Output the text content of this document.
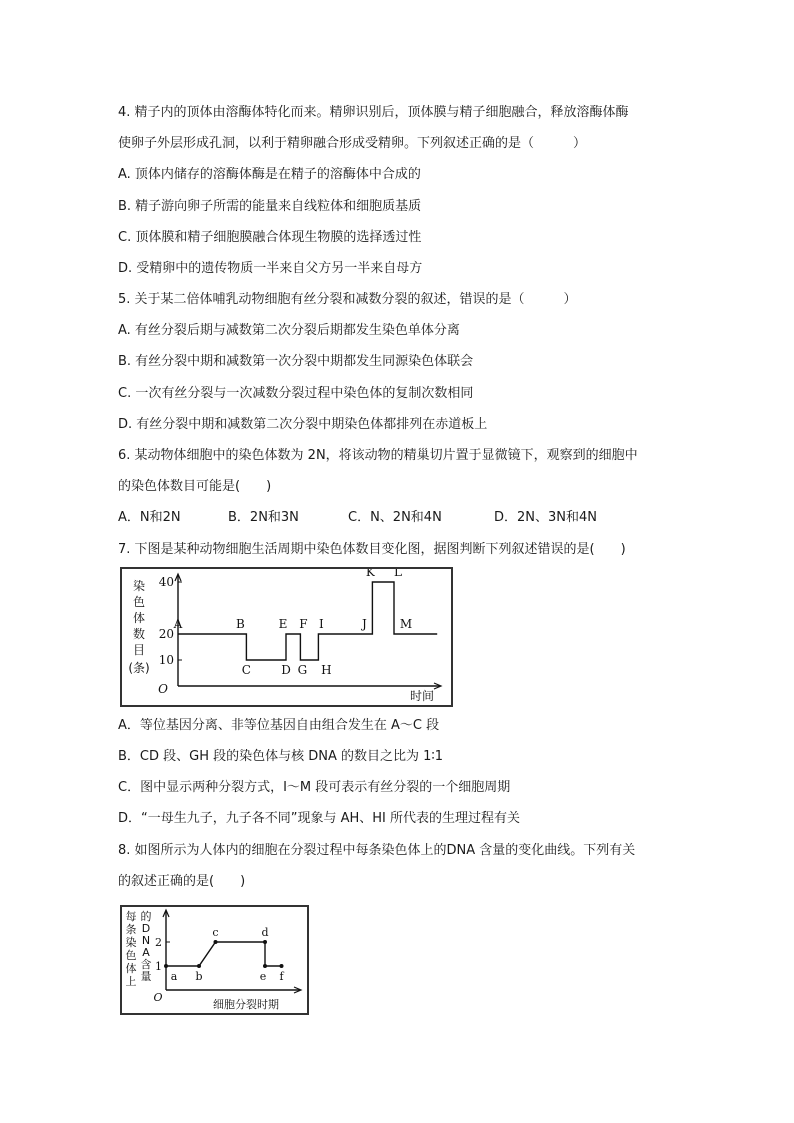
4. 精子内的顶体由溶酶体特化而来。精卵识别后，顶体膜与精子细胞融合，释放溶酶体酶
使卵子外层形成孔洞，以利于精卵融合形成受精卵。下列叙述正确的是（　　　）
A. 顶体内储存的溶酶体酶是在精子的溶酶体中合成的
B. 精子游向卵子所需的能量来自线粒体和细胞质基质
C. 顶体膜和精子细胞膜融合体现生物膜的选择透过性
D. 受精卵中的遗传物质一半来自父方另一半来自母方
5. 关于某二倍体哺乳动物细胞有丝分裂和减数分裂的叙述，错误的是（　　　）
A. 有丝分裂后期与减数第二次分裂后期都发生染色单体分离
B. 有丝分裂中期和减数第一次分裂中期都发生同源染色体联会
C. 一次有丝分裂与一次减数分裂过程中染色体的复制次数相同
D. 有丝分裂中期和减数第二次分裂中期染色体都排列在赤道板上
6. 某动物体细胞中的染色体数为 2N，将该动物的精巢切片置于显微镜下，观察到的细胞中
的染色体数目可能是(　　)
A．N和2N	B．2N和3N	C．N、2N和4N	D．2N、3N和4N
7. 下图是某种动物细胞生活周期中染色体数目变化图，据图判断下列叙述错误的是(　　)
10
20
40
染
色
体
数
目
(条)
时间
O
A	B
C	D
E F
G H
I	J
K L
M
A．等位基因分离、非等位基因自由组合发生在 A～C 段
B．CD 段、GH 段的染色体与核 DNA 的数目之比为 1∶1
C．图中显示两种分裂方式，I～M 段可表示有丝分裂的一个细胞周期
D．“一母生九子，九子各不同”现象与 AH、HI 所代表的生理过程有关
8. 如图所示为人体内的细胞在分裂过程中每条染色体上的DNA 含量的变化曲线。下列有关
的叙述正确的是(　　)
1
2
每
条
染
色
体
上
的
D
N
A
含
量
细胞分裂时期
O
a b
c	d
e f
